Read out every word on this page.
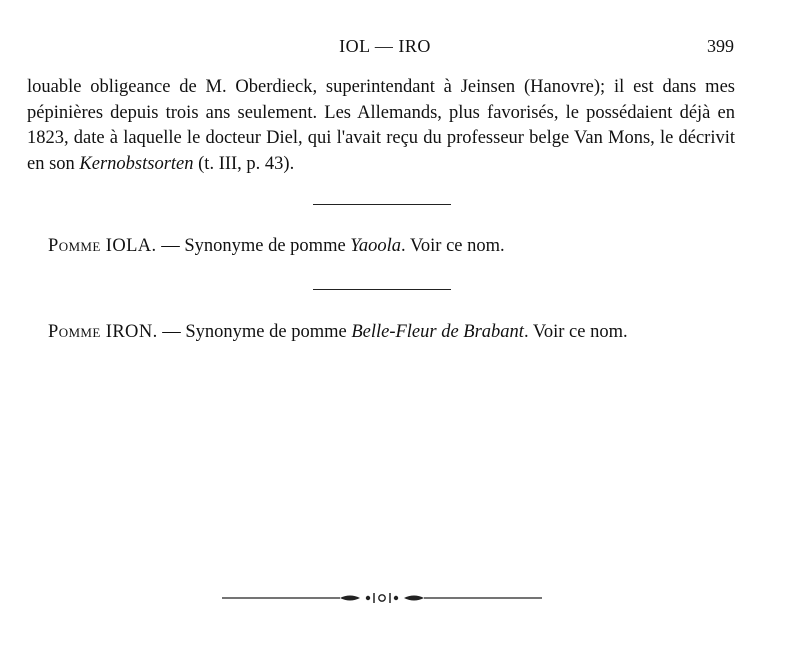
IOL — IRO	399

louable obligeance de M. Oberdieck, superintendant à Jeinsen (Hanovre); il est dans mes pépinières depuis trois ans seulement. Les Allemands, plus favorisés, le possédaient déjà en 1823, date à laquelle le docteur Diel, qui l'avait reçu du professeur belge Van Mons, le décrivit en son Kernobstsorten (t. III, p. 43).

Pomme IOLA. — Synonyme de pomme Yaoola. Voir ce nom.

Pomme IRON. — Synonyme de pomme Belle-Fleur de Brabant. Voir ce nom.
